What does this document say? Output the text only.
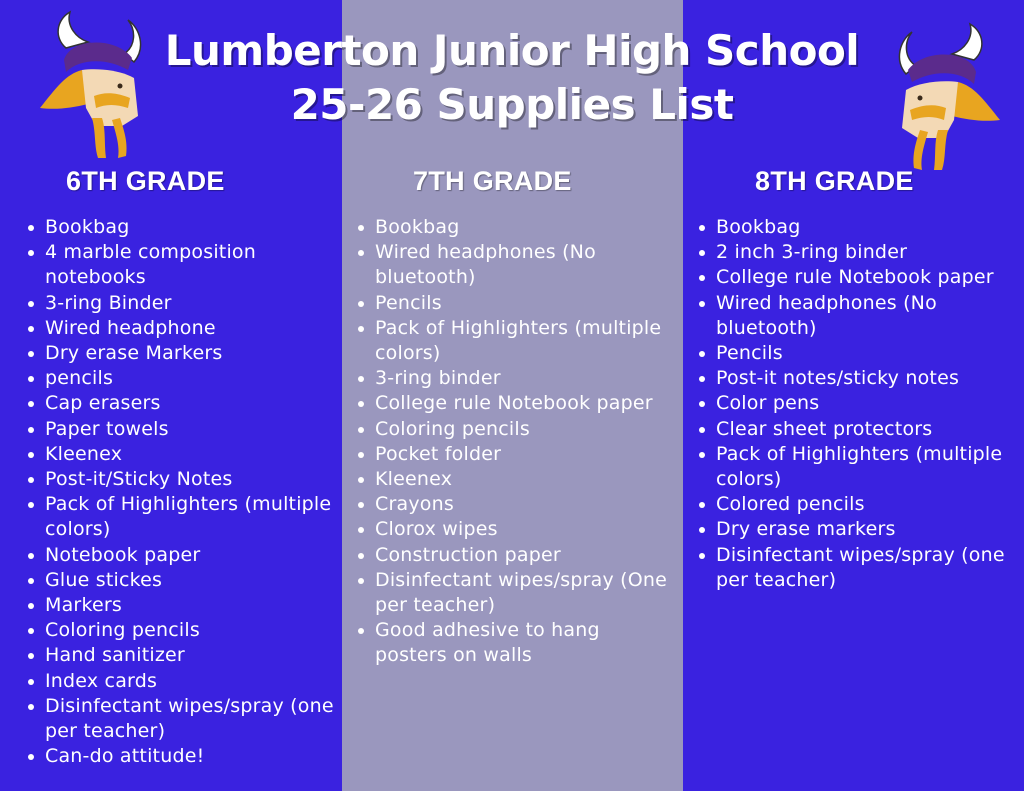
Lumberton Junior High School
25-26 Supplies List
6TH GRADE	7TH GRADE	8TH GRADE
Bookbag
4 marble composition notebooks
3-ring Binder
Wired headphone
Dry erase Markers
pencils
Cap erasers
Paper towels
Kleenex
Post-it/Sticky Notes
Pack of Highlighters (multiple colors)
Notebook paper
Glue stickes
Markers
Coloring pencils
Hand sanitizer
Index cards
Disinfectant wipes/spray (one per teacher)
Can-do attitude!
Bookbag
Wired headphones (No bluetooth)
Pencils
Pack of Highlighters (multiple colors)
3-ring binder
College rule Notebook paper
Coloring pencils
Pocket folder
Kleenex
Crayons
Clorox wipes
Construction paper
Disinfectant wipes/spray (One per teacher)
Good adhesive to hang posters on walls
Bookbag
2 inch 3-ring binder
College rule Notebook paper
Wired headphones (No bluetooth)
Pencils
Post-it notes/sticky notes
Color pens
Clear sheet protectors
Pack of Highlighters (multiple colors)
Colored pencils
Dry erase markers
Disinfectant wipes/spray (one per teacher)
